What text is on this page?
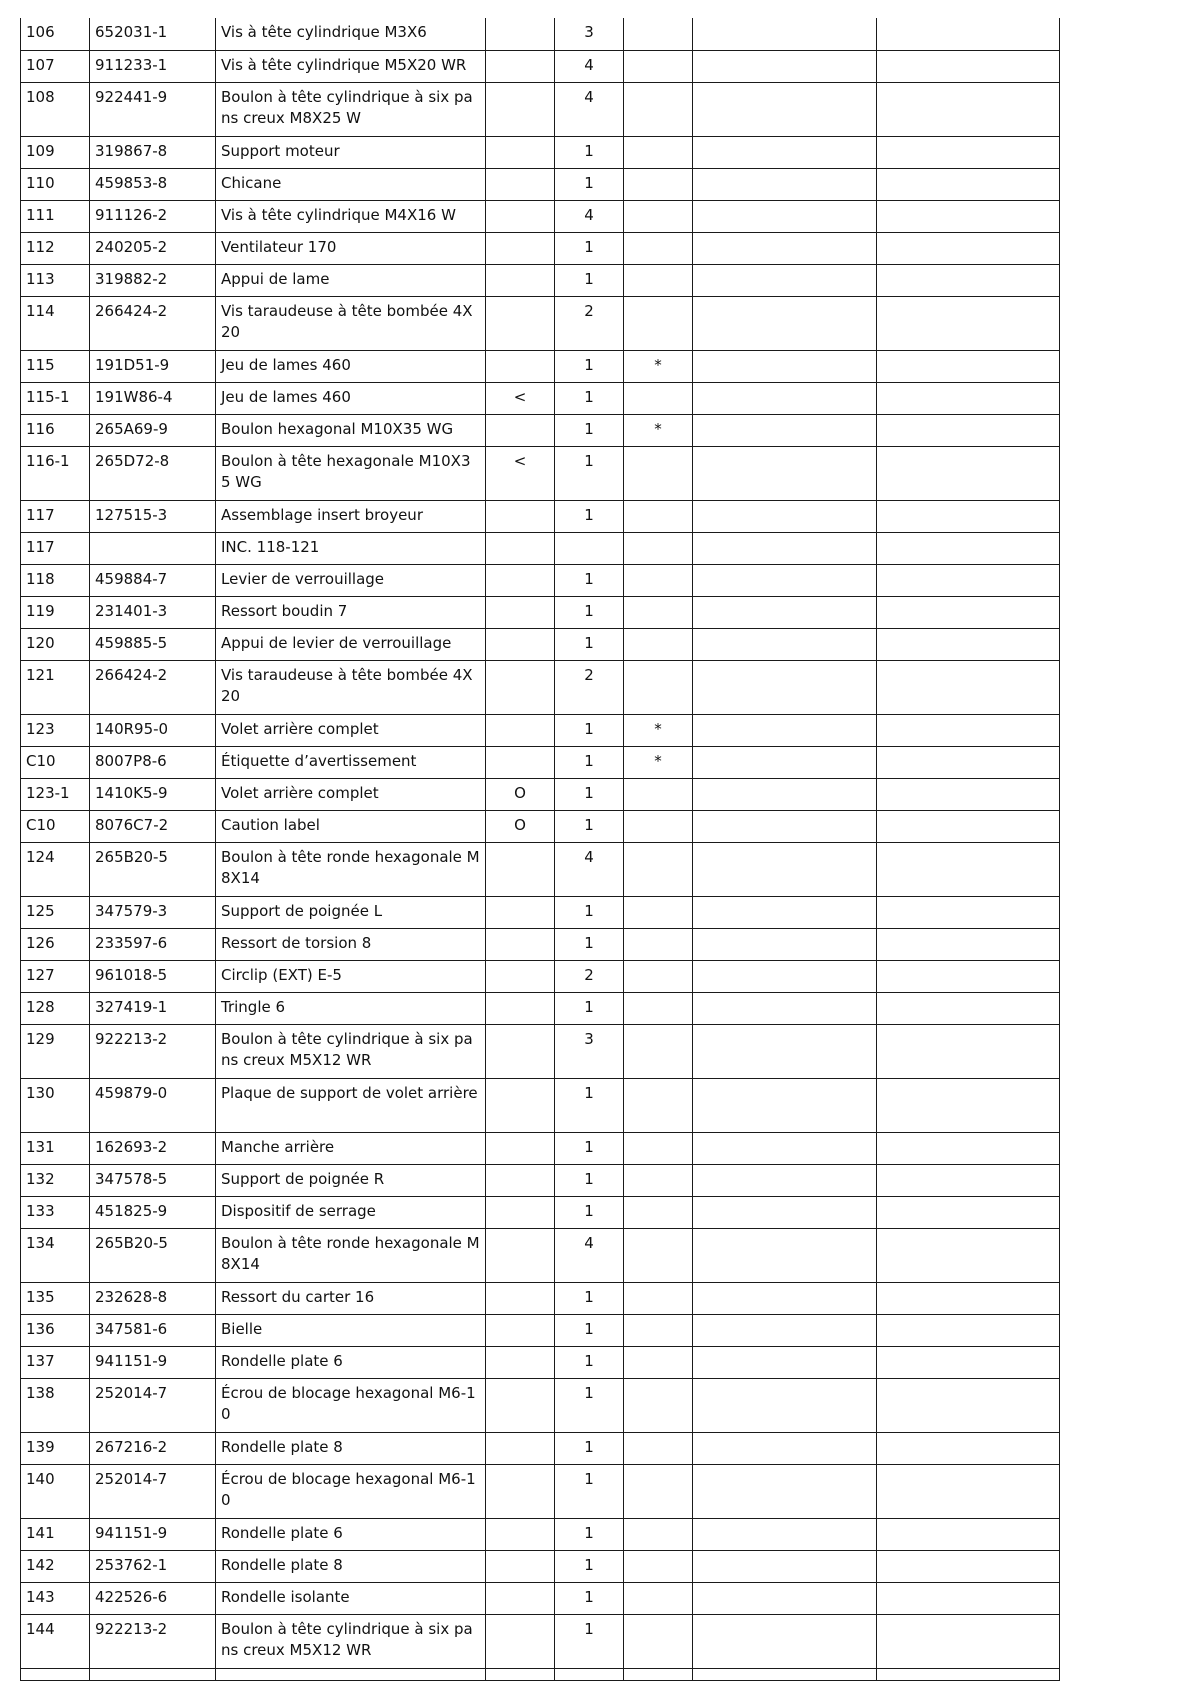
106	652031-1	Vis à tête cylindrique M3X6		3			
107	911233-1	Vis à tête cylindrique M5X20 WR		4			
108	922441-9	Boulon à tête cylindrique à six pans creux M8X25 W		4			
109	319867-8	Support moteur		1			
110	459853-8	Chicane		1			
111	911126-2	Vis à tête cylindrique M4X16 W		4			
112	240205-2	Ventilateur 170		1			
113	319882-2	Appui de lame		1			
114	266424-2	Vis taraudeuse à tête bombée 4X20		2			
115	191D51-9	Jeu de lames 460		1	*		
115-1	191W86-4	Jeu de lames 460	<	1			
116	265A69-9	Boulon hexagonal M10X35 WG		1	*		
116-1	265D72-8	Boulon à tête hexagonale M10X35 WG	<	1			
117	127515-3	Assemblage insert broyeur		1			
117		INC. 118-121					
118	459884-7	Levier de verrouillage		1			
119	231401-3	Ressort boudin 7		1			
120	459885-5	Appui de levier de verrouillage		1			
121	266424-2	Vis taraudeuse à tête bombée 4X20		2			
123	140R95-0	Volet arrière complet		1	*		
C10	8007P8-6	Étiquette d’avertissement		1	*		
123-1	1410K5-9	Volet arrière complet	O	1			
C10	8076C7-2	Caution label	O	1			
124	265B20-5	Boulon à tête ronde hexagonale M8X14		4			
125	347579-3	Support de poignée L		1			
126	233597-6	Ressort de torsion 8		1			
127	961018-5	Circlip (EXT) E-5		2			
128	327419-1	Tringle 6		1			
129	922213-2	Boulon à tête cylindrique à six pans creux M5X12 WR		3			
130	459879-0	Plaque de support de volet arrière		1			
131	162693-2	Manche arrière		1			
132	347578-5	Support de poignée R		1			
133	451825-9	Dispositif de serrage		1			
134	265B20-5	Boulon à tête ronde hexagonale M8X14		4			
135	232628-8	Ressort du carter 16		1			
136	347581-6	Bielle		1			
137	941151-9	Rondelle plate 6		1			
138	252014-7	Écrou de blocage hexagonal M6-10		1			
139	267216-2	Rondelle plate 8		1			
140	252014-7	Écrou de blocage hexagonal M6-10		1			
141	941151-9	Rondelle plate 6		1			
142	253762-1	Rondelle plate 8		1			
143	422526-6	Rondelle isolante		1			
144	922213-2	Boulon à tête cylindrique à six pans creux M5X12 WR		1			
